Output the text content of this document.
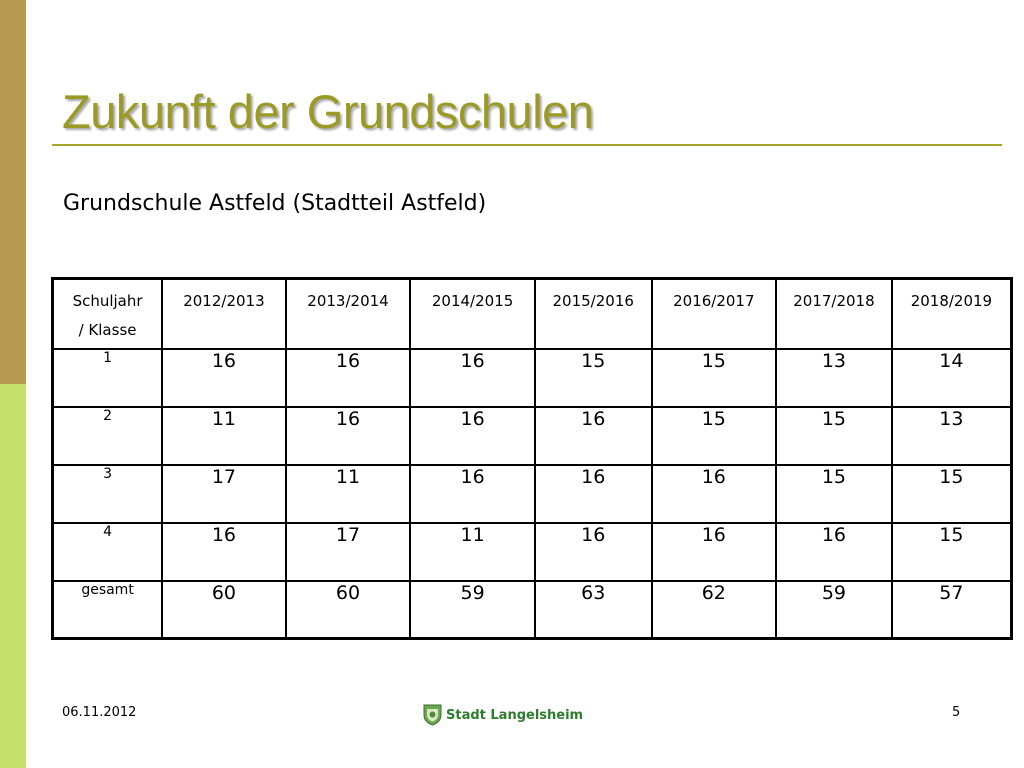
Zukunft der Grundschulen
Grundschule Astfeld (Stadtteil Astfeld)
Schuljahr
/ Klasse	2012/2013	2013/2014	2014/2015	2015/2016	2016/2017	2017/2018	2018/2019
1	16	16	16	15	15	13	14
2	11	16	16	16	15	15	13
3	17	11	16	16	16	15	15
4	16	17	11	16	16	16	15
gesamt	60	60	59	63	62	59	57
06.11.2012	Stadt Langelsheim	5
